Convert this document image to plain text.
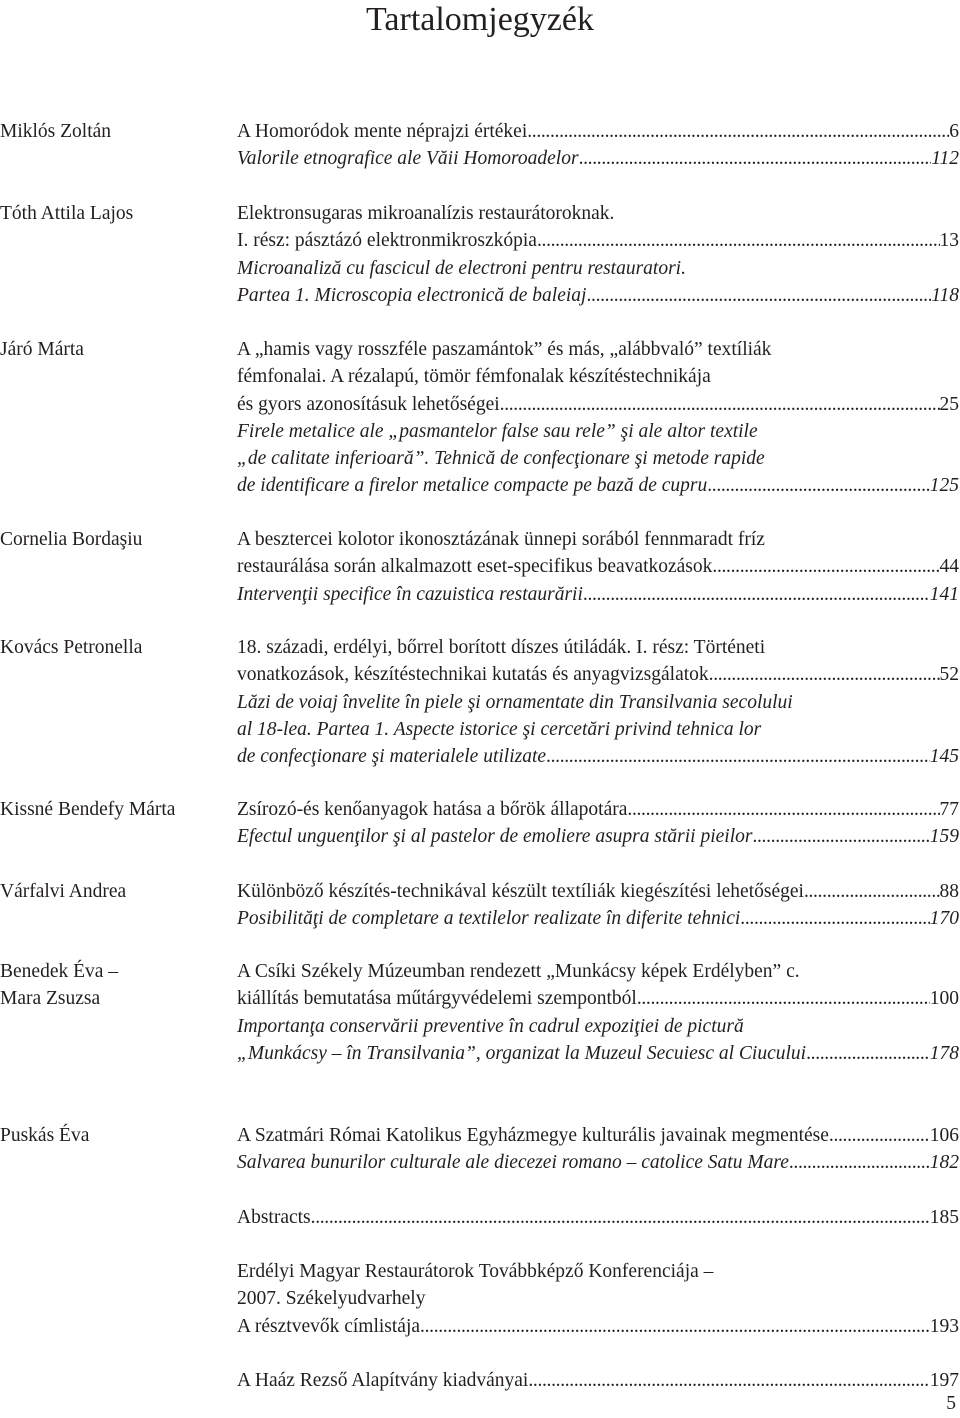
Tartalomjegyzék
Miklós Zoltán	A Homoródok mente néprajzi értékei . . .	6
Valorile etnografice ale Văii Homoroadelor . . .	112
Tóth Attila Lajos	Elektronsugaras mikroanalízis restaurátoroknak.
I. rész: pásztázó elektronmikroszkópia . . .	13
Microanaliză cu fascicul de electroni pentru restauratori.
Partea 1. Microscopia electronică de baleiaj . . .	118
Járó Márta	A „hamis vagy rosszféle paszamántok” és más, „alábbvaló” textíliák
fémfonalai. A rézalapú, tömör fémfonalak készítéstechnikája
és gyors azonosításuk lehetőségei . . .	25
Firele metalice ale „pasmantelor false sau rele” şi ale altor textile
„de calitate inferioară”. Tehnică de confecţionare şi metode rapide
de identificare a firelor metalice compacte pe bază de cupru . . .	125
Cornelia Bordaşiu	A besztercei kolotor ikonosztázának ünnepi sorából fennmaradt fríz
restaurálása során alkalmazott eset-specifikus beavatkozások . . .	44
Intervenţii specifice în cazuistica restaurării . . .	141
Kovács Petronella	18. századi, erdélyi, bőrrel borított díszes útiládák. I. rész: Történeti
vonatkozások, készítéstechnikai kutatás és anyagvizsgálatok . . .	52
Lăzi de voiaj învelite în piele şi ornamentate din Transilvania secolului
al 18-lea. Partea 1. Aspecte istorice şi cercetări privind tehnica lor
de confecţionare şi materialele utilizate . . .	145
Kissné Bendefy Márta	Zsírozó-és kenőanyagok hatása a bőrök állapotára . . .	77
Efectul unguenţilor şi al pastelor de emoliere asupra stării pieilor . . .	159
Várfalvi Andrea	Különböző készítés-technikával készült textíliák kiegészítési lehetőségei . . .	88
Posibilităţi de completare a textilelor realizate în diferite tehnici . . .	170
Benedek Éva –
Mara Zsuzsa
A Csíki Székely Múzeumban rendezett „Munkácsy képek Erdélyben” c.
kiállítás bemutatása műtárgyvédelemi szempontból . . .	100
Importanţa conservării preventive în cadrul expoziţiei de pictură
„Munkácsy – în Transilvania”, organizat la Muzeul Secuiesc al Ciucului . . .	178
Puskás Éva	A Szatmári Római Katolikus Egyházmegye kulturális javainak megmentése . . .	106
Salvarea bunurilor culturale ale diecezei romano – catolice Satu Mare . . .	182
Abstracts . . .	185
Erdélyi Magyar Restaurátorok Továbbképző Konferenciája –
2007. Székelyudvarhely
A résztvevők címlistája . . .	193
A Haáz Rezső Alapítvány kiadványai . . .	197
5
